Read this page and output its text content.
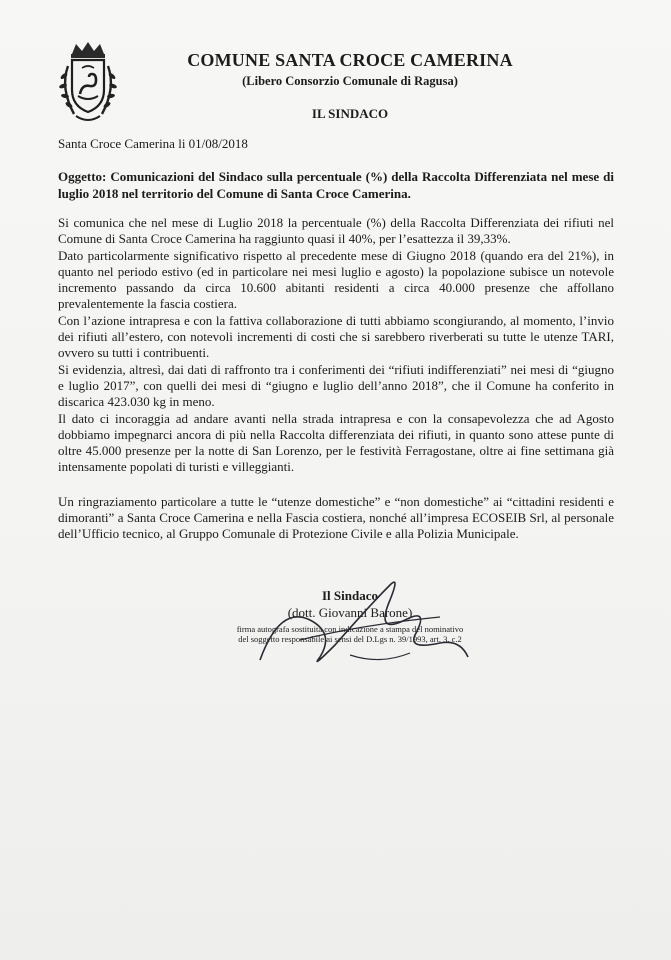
COMUNE SANTA CROCE CAMERINA
(Libero Consorzio Comunale di Ragusa)
IL SINDACO
Santa Croce Camerina li 01/08/2018
Oggetto: Comunicazioni del Sindaco sulla percentuale (%) della Raccolta Differenziata nel mese di luglio 2018 nel territorio del Comune di Santa Croce Camerina.

Si comunica che nel mese di Luglio 2018 la percentuale (%) della Raccolta Differenziata dei rifiuti nel Comune di Santa Croce Camerina ha raggiunto quasi il 40%, per l’esattezza il 39,33%.

Dato particolarmente significativo rispetto al precedente mese di Giugno 2018 (quando era del 21%), in quanto nel periodo estivo (ed in particolare nei mesi luglio e agosto) la popolazione subisce un notevole incremento passando da circa 10.600 abitanti residenti a circa 40.000 presenze che affollano prevalentemente la fascia costiera.

Con l’azione intrapresa e con la fattiva collaborazione di tutti abbiamo scongiurando, al momento, l’invio dei rifiuti all’estero, con notevoli incrementi di costi che si sarebbero riverberati su tutte le utenze TARI, ovvero su tutti i contribuenti.

Si evidenzia, altresì, dai dati di raffronto tra i conferimenti dei “rifiuti indifferenziati” nei mesi di “giugno e luglio 2017”, con quelli dei mesi di “giugno e luglio dell’anno 2018”, che il Comune ha conferito in discarica 423.030 kg in meno.

Il dato ci incoraggia ad andare avanti nella strada intrapresa e con la consapevolezza che ad Agosto dobbiamo impegnarci ancora di più nella Raccolta differenziata dei rifiuti, in quanto sono attese punte di oltre 45.000 presenze per la notte di San Lorenzo, per le festività Ferragostane, oltre ai fine settimana già intensamente popolati di turisti e villeggianti.

Un ringraziamento particolare a tutte le “utenze domestiche” e “non domestiche” ai “cittadini residenti e dimoranti” a Santa Croce Camerina e nella Fascia costiera, nonché all’impresa ECOSEIB Srl, al personale dell’Ufficio tecnico, al Gruppo Comunale di Protezione Civile e alla Polizia Municipale.

Il Sindaco
(dott. Giovanni Barone)
firma autografa sostituita con indicazione a stampa del nominativo
del soggetto responsabile ai sensi del D.Lgs n. 39/1993, art. 3, c.2
